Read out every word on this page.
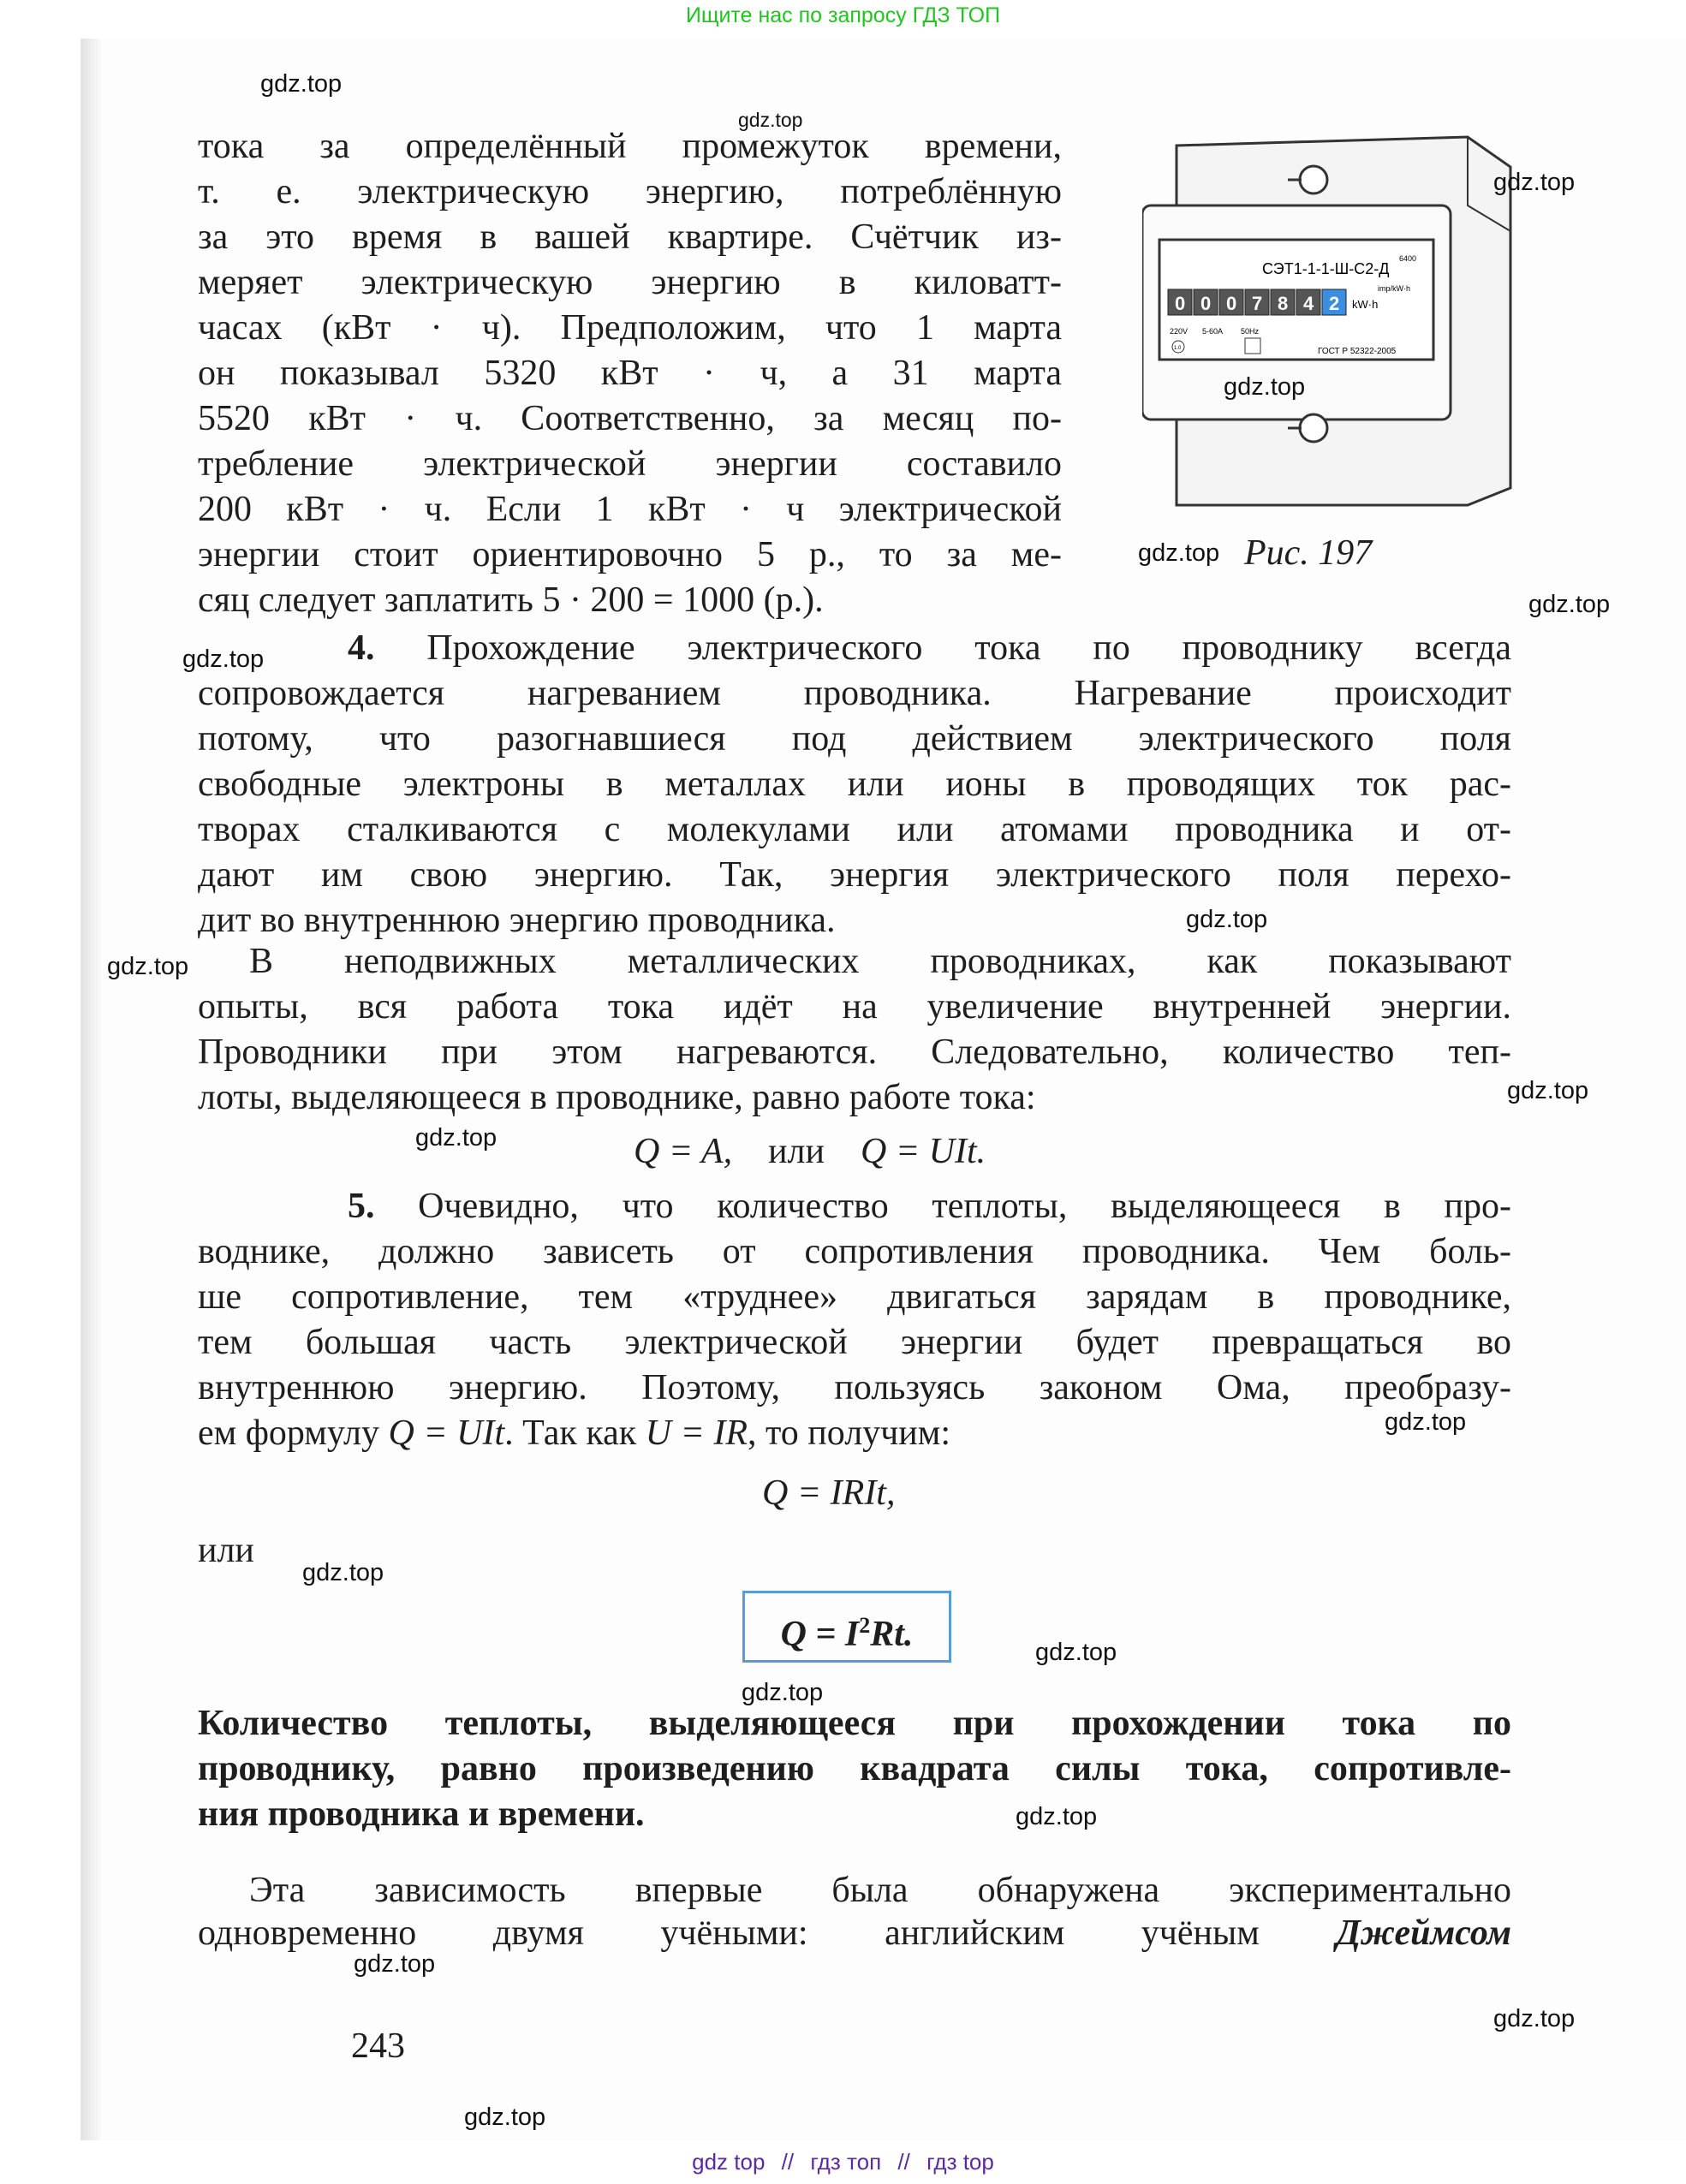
Ищите нас по запросу ГДЗ ТОП
СЭТ1-1-1-Ш-С2-Д
6400
imp/kW·h
0 0 0 7 8 4 2 kW·h
220V 5-60A 50Hz
1.0	ГОСТ Р 52322-2005
Рис. 197
тока за определённый промежуток времени,
т. е. электрическую энергию, потреблённую
за это время в вашей квартире. Счётчик из-
меряет электрическую энергию в киловатт-
часах (кВт · ч). Предположим, что 1 марта
он показывал 5320 кВт · ч, а 31 марта
5520 кВт · ч. Соответственно, за месяц по-
требление электрической энергии составило
200 кВт · ч. Если 1 кВт · ч электрической
энергии стоит ориентировочно 5 р., то за ме-
сяц следует заплатить 5 · 200 = 1000 (р.).
4. Прохождение электрического тока по проводнику всегда
сопровождается нагреванием проводника. Нагревание происходит
потому, что разогнавшиеся под действием электрического поля
свободные электроны в металлах или ионы в проводящих ток рас-
творах сталкиваются с молекулами или атомами проводника и от-
дают им свою энергию. Так, энергия электрического поля перехо-
дит во внутреннюю энергию проводника.
В неподвижных металлических проводниках, как показывают
опыты, вся работа тока идёт на увеличение внутренней энергии.
Проводники при этом нагреваются. Следовательно, количество теп-
лоты, выделяющееся в проводнике, равно работе тока:
Q = A,    или    Q = UIt.
5. Очевидно, что количество теплоты, выделяющееся в про-
воднике, должно зависеть от сопротивления проводника. Чем боль-
ше сопротивление, тем «труднее» двигаться зарядам в проводнике,
тем большая часть электрической энергии будет превращаться во
внутреннюю энергию. Поэтому, пользуясь законом Ома, преобразу-
ем формулу Q = UIt. Так как U = IR, то получим:
Q = IRIt,
или
$Q = I^2Rt$.
Количество теплоты, выделяющееся при прохождении тока по
проводнику, равно произведению квадрата силы тока, сопротивле-
ния проводника и времени.
Эта зависимость впервые была обнаружена экспериментально
одновременно двумя учёными: английским учёным Джеймсом
243
gdz top // гдз топ // гдз top
gdz.top
gdz.top
gdz.top
gdz.top
gdz.top
gdz.top
gdz.top
gdz.top
gdz.top
gdz.top
gdz.top
gdz.top
gdz.top
gdz.top
gdz.top
gdz.top
gdz.top
gdz.top
gdz.top
